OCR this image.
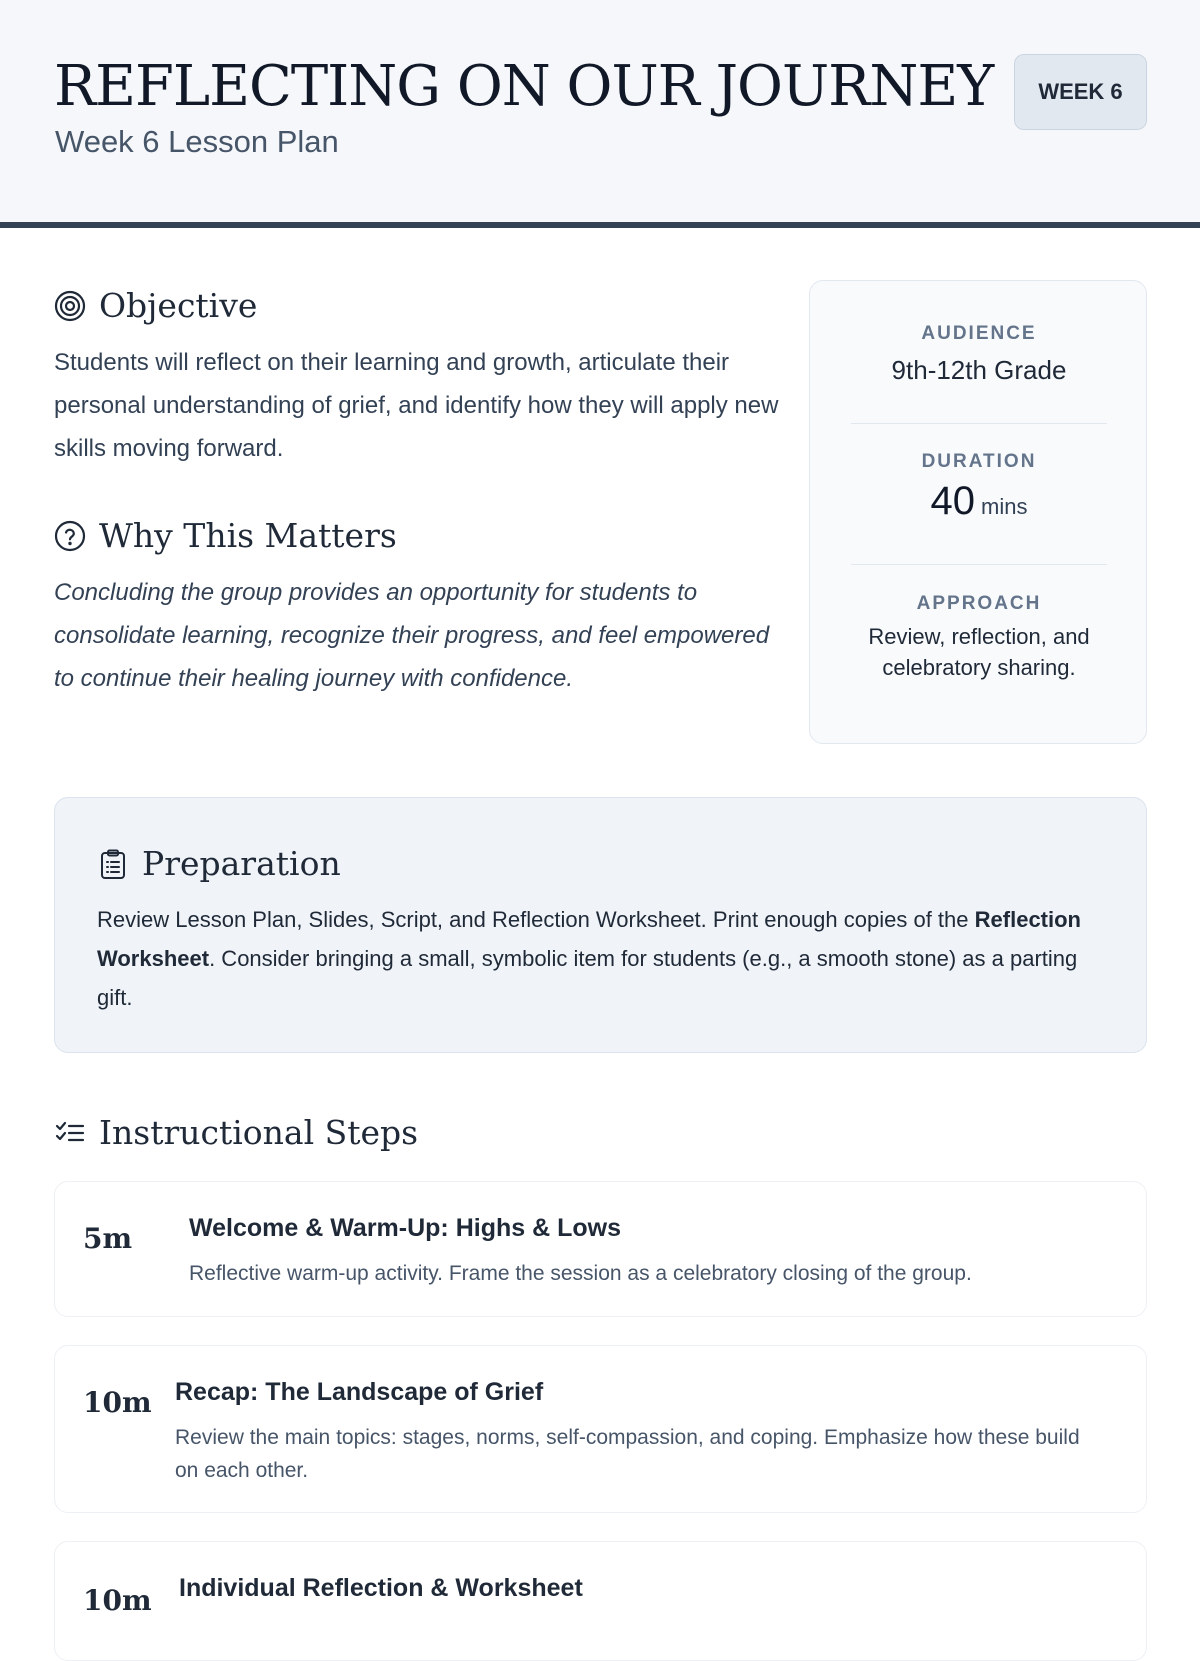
REFLECTING ON OUR JOURNEY
Week 6 Lesson Plan
WEEK 6
Objective

Students will reflect on their learning and growth, articulate their personal understanding of grief, and identify how they will apply new skills moving forward.

Why This Matters

Concluding the group provides an opportunity for students to consolidate learning, recognize their progress, and feel empowered to continue their healing journey with confidence.

AUDIENCE
9th-12th Grade
DURATION
40 mins
APPROACH
Review, reflection, and celebratory sharing.
Preparation

Review Lesson Plan, Slides, Script, and Reflection Worksheet. Print enough copies of the Reflection Worksheet. Consider bringing a small, symbolic item for students (e.g., a smooth stone) as a parting gift.

Instructional Steps
5m Welcome & Warm-Up: Highs & Lows
Reflective warm-up activity. Frame the session as a celebratory closing of the group.
10m Recap: The Landscape of Grief
Review the main topics: stages, norms, self-compassion, and coping. Emphasize how these build on each other.
10m Individual Reflection & Worksheet
